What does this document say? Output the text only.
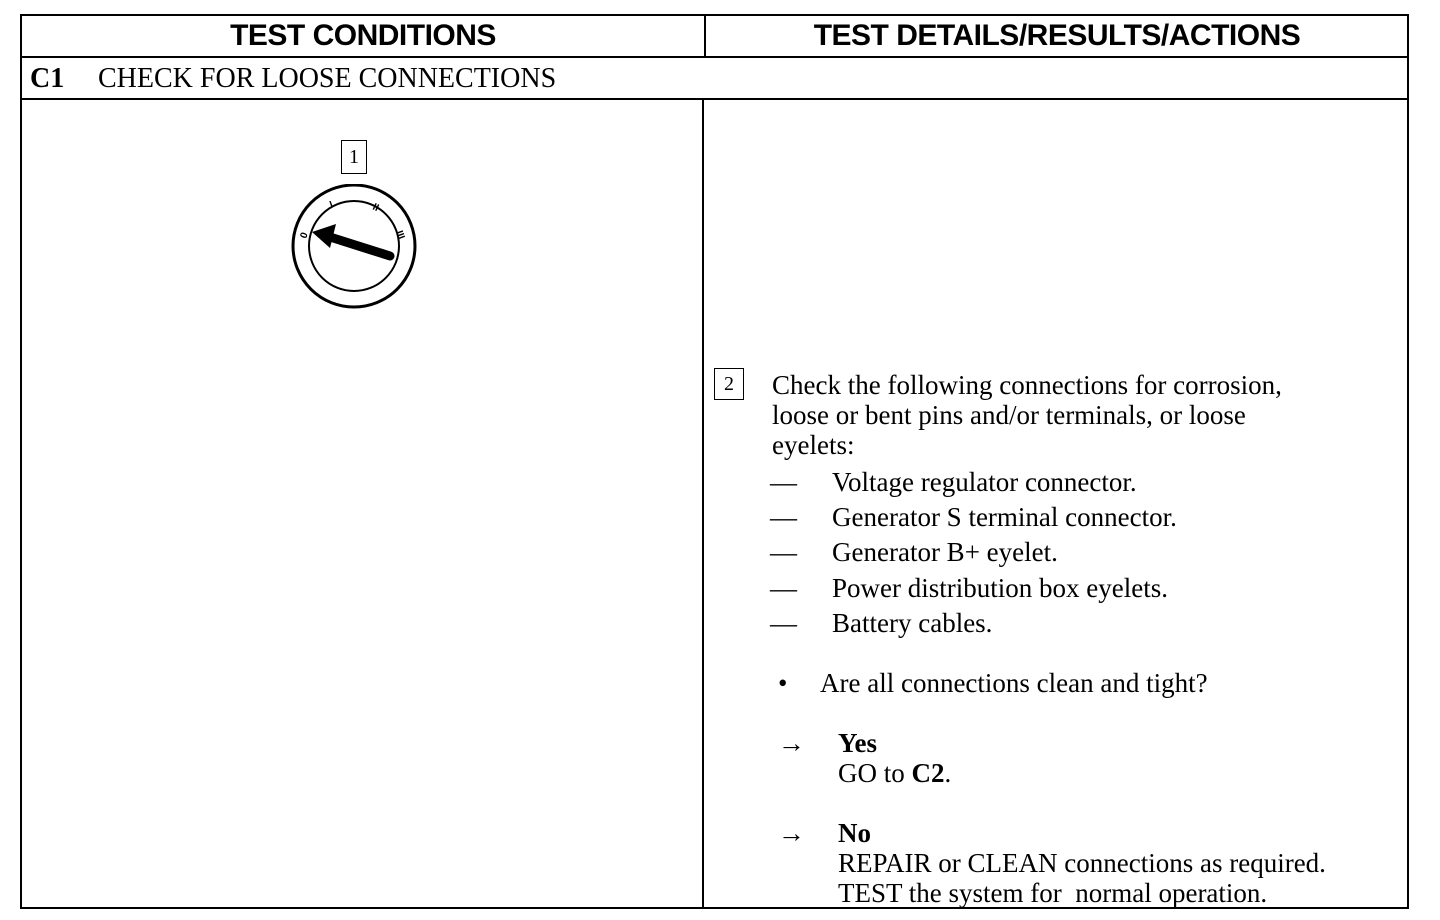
TEST CONDITIONS	TEST DETAILS/RESULTS/ACTIONS
C1	CHECK FOR LOOSE CONNECTIONS
1
0
I	II
III
2	Check the following connections for corrosion,
loose or bent pins and/or terminals, or loose
eyelets:
—	Voltage regulator connector.
—	Generator S terminal connector.
—	Generator B+ eyelet.
—	Power distribution box eyelets.
—	Battery cables.
•	Are all connections clean and tight?
→	Yes
GO to C2.
→	No
REPAIR or CLEAN connections as required.
TEST the system for  normal operation.
